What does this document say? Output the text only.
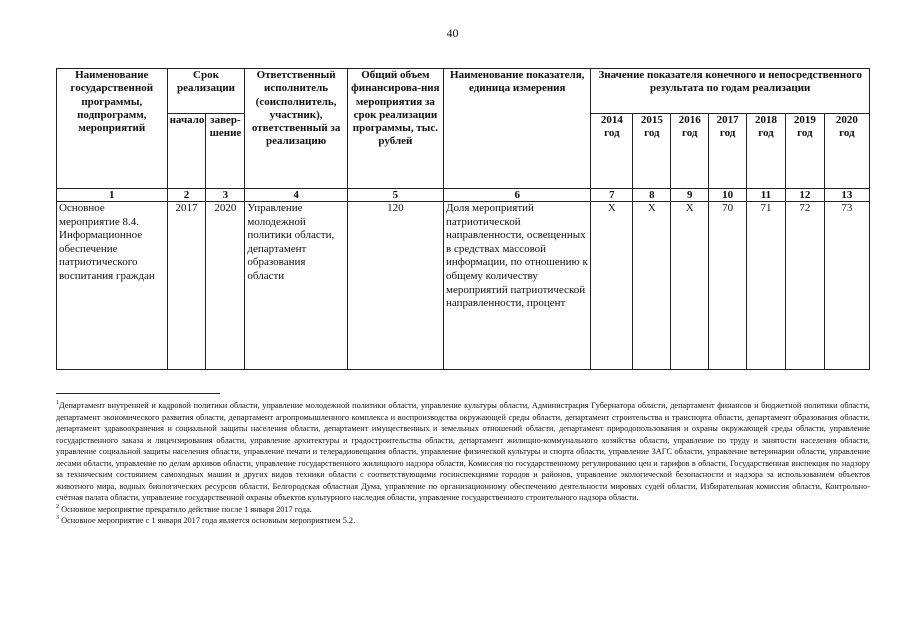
40
Наименование государственной программы, подпрограмм, мероприятий	Срок реализации		Ответственный исполнитель (соисполнитель, участник), ответственный за реализацию	Общий объем финансирова-ния мероприятия за срок реализации программы, тыс. рублей	Наименование показателя, единица измерения	Значение показателя конечного и непосредственного результата по годам реализации						
	начало	завер-шение				2014 год	2015 год	2016 год	2017 год	2018 год	2019 год	2020 год
1	2	3	4	5	6	7	8	9	10	11	12	13
Основное мероприятие 8.4. Информационное обеспечение патриотического воспитания граждан	2017	2020	Управление молодежной политики области, департамент образования области	120	Доля мероприятий патриотической направленности, освещенных в средствах массовой информации, по отношению к общему количеству мероприятий патриотической направленности, процент	Х	Х	Х	70	71	72	73

$^1$Департамент внутренней и кадровой политики области, управление молодежной политики области, управление культуры области, Администрация Губернатора области, департамент финансов и бюджетной политики области, департамент экономического развития области, департамент агропромышленного комплекса и воспроизводства окружающей среды области, департамент строительства и транспорта области, департамент образования области, департамент здравоохранения и социальной защиты населения области, департамент имущественных и земельных отношений области, департамент природопользования и охраны окружающей среды области, управление государственного заказа и лицензирования области, управление архитектуры и градостроительства области, департамент жилищно-коммунального хозяйства области, управление по труду и занятости населения области, управление социальной защиты населения области, управление печати и телерадиовещания области, управление физической культуры и спорта области, управление ЗАГС области, управление ветеринарии области, управление лесами области, управление по делам архивов области, управление государственного жилищного надзора области, Комиссия по государственному регулированию цен и тарифов в области, Государственная инспекция по надзору за техническим состоянием самоходных машин и других видов техники области с соответствующими госинспекциями городов и районов, управление экологической безопасности и надзора за использованием объектов животного мира, водных биологических ресурсов области, Белгородская областная Дума, управление по организационному обеспечению деятельности мировых судей области, Избирательная комиссия области, Контрольно-счётная палата области, управление государственной охраны объектов культурного наследия области, управление государственного строительного надзора области.

$^2$ Основное мероприятие прекратило действие после 1 января 2017 года.

$^3$ Основное мероприятие с 1 января 2017 года является основным мероприятием 5.2.
